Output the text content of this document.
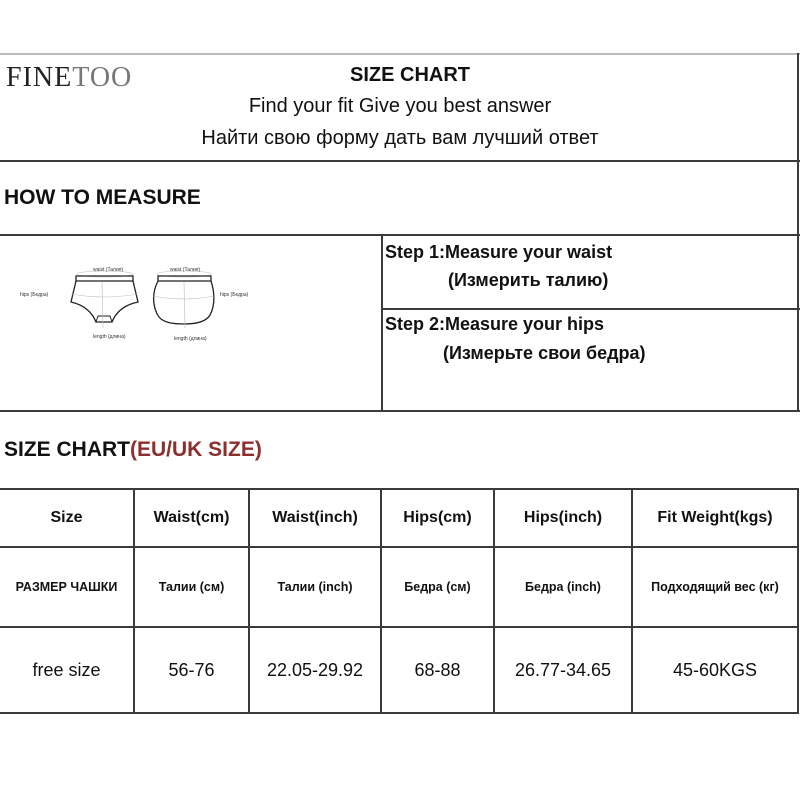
FINETOO	SIZE CHART
Find your fit Give you best answer
Найти свою форму дать вам лучший ответ
HOW TO MEASURE
waist (Талия)	waist (Талия)
hips (Бедра)	hips (Бедра)
length (длина)	length (длина)
Step 1:Measure your waist
(Измерить талию)
Step 2:Measure your hips
(Измерьте свои бедра)
SIZE CHART(EU/UK SIZE)
Size	Waist(cm)	Waist(inch)	Hips(cm)	Hips(inch)	Fit Weight(kgs)
РАЗМЕР ЧАШКИ	Талии (см)	Талии (inch)	Бедра (см)	Бедра (inch)	Подходящий вес (кг)
free size	56-76	22.05-29.92	68-88	26.77-34.65	45-60KGS
